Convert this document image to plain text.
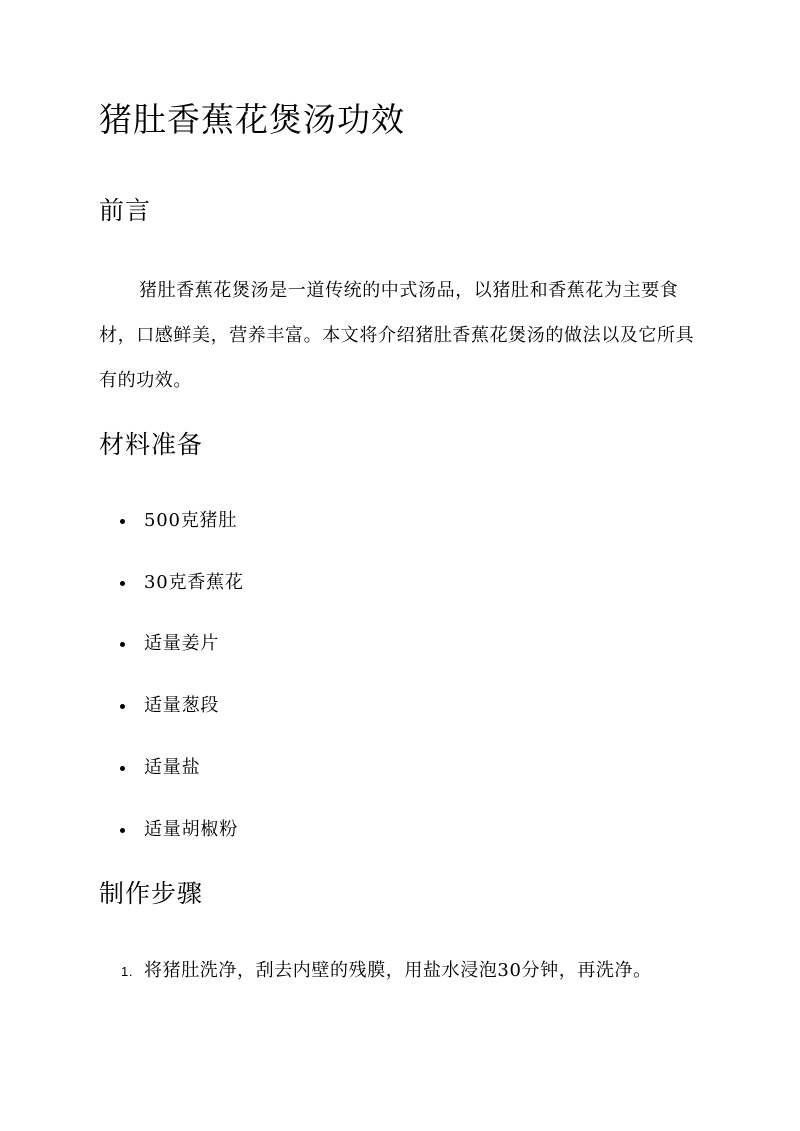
猪肚香蕉花煲汤功效
前言

猪肚香蕉花煲汤是一道传统的中式汤品，以猪肚和香蕉花为主要食材，口感鲜美，营养丰富。本文将介绍猪肚香蕉花煲汤的做法以及它所具有的功效。

材料准备
500克猪肚
30克香蕉花
适量姜片
适量葱段
适量盐
适量胡椒粉
制作步骤
1. 将猪肚洗净，刮去内壁的残膜，用盐水浸泡30分钟，再洗净。
